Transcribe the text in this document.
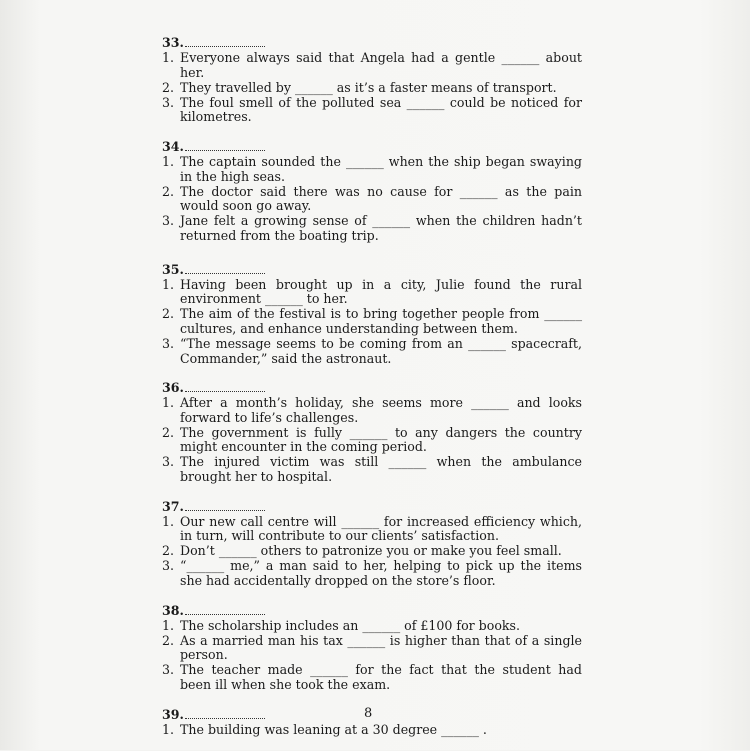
33.
1. Everyone always said that Angela had a gentle ______ about her.
2. They travelled by ______ as it’s a faster means of transport.
3. The foul smell of the polluted sea ______ could be noticed for kilometres.
34.
1. The captain sounded the ______ when the ship began swaying in the high seas.
2. The doctor said there was no cause for ______ as the pain would soon go away.
3. Jane felt a growing sense of ______ when the children hadn’t returned from the boating trip.
35.
1. Having been brought up in a city, Julie found the rural environment ______ to her.
2. The aim of the festival is to bring together people from ______ cultures, and enhance understanding between them.
3. “The message seems to be coming from an ______ spacecraft, Commander,” said the astronaut.
36.
1. After a month’s holiday, she seems more ______ and looks forward to life’s challenges.
2. The government is fully ______ to any dangers the country might encounter in the coming period.
3. The injured victim was still ______ when the ambulance brought her to hospital.
37.
1. Our new call centre will ______ for increased efficiency which, in turn, will contribute to our clients’ satisfaction.
2. Don’t ______ others to patronize you or make you feel small.
3. “______ me,” a man said to her, helping to pick up the items she had accidentally dropped on the store’s floor.
38.
1. The scholarship includes an ______ of £100 for books.
2. As a married man his tax ______ is higher than that of a single person.
3. The teacher made ______ for the fact that the student had been ill when she took the exam.
39.
1. The building was leaning at a 30 degree ______ .
8
